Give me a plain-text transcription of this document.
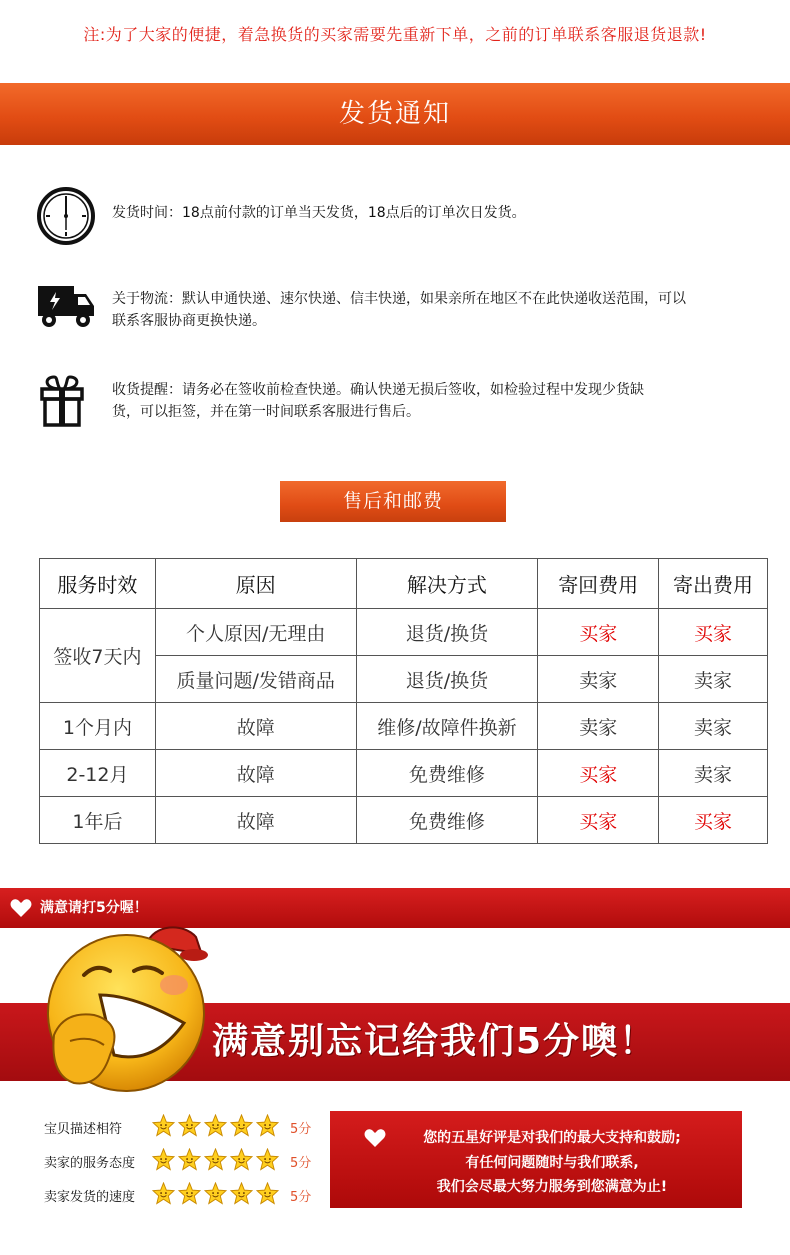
注:为了大家的便捷，着急换货的买家需要先重新下单，之前的订单联系客服退货退款!
发货通知
发货时间：18点前付款的订单当天发货，18点后的订单次日发货。
关于物流：默认申通快递、速尔快递、信丰快递，如果亲所在地区不在此快递收送范围，可以
联系客服协商更换快递。
收货提醒：请务必在签收前检查快递。确认快递无损后签收，如检验过程中发现少货缺
货，可以拒签，并在第一时间联系客服进行售后。
售后和邮费
服务时效	原因	解决方式	寄回费用	寄出费用
签收7天内	个人原因/无理由	退货/换货	买家	买家
	质量问题/发错商品	退货/换货	卖家	卖家
1个月内	故障	维修/故障件换新	卖家	卖家
2-12月	故障	免费维修	买家	卖家
1年后	故障	免费维修	买家	买家
满意请打5分喔！
满意别忘记给我们5分噢！
宝贝描述相符	5分
卖家的服务态度	5分
卖家发货的速度	5分
您的五星好评是对我们的最大支持和鼓励;
有任何问题随时与我们联系,
我们会尽最大努力服务到您满意为止!
